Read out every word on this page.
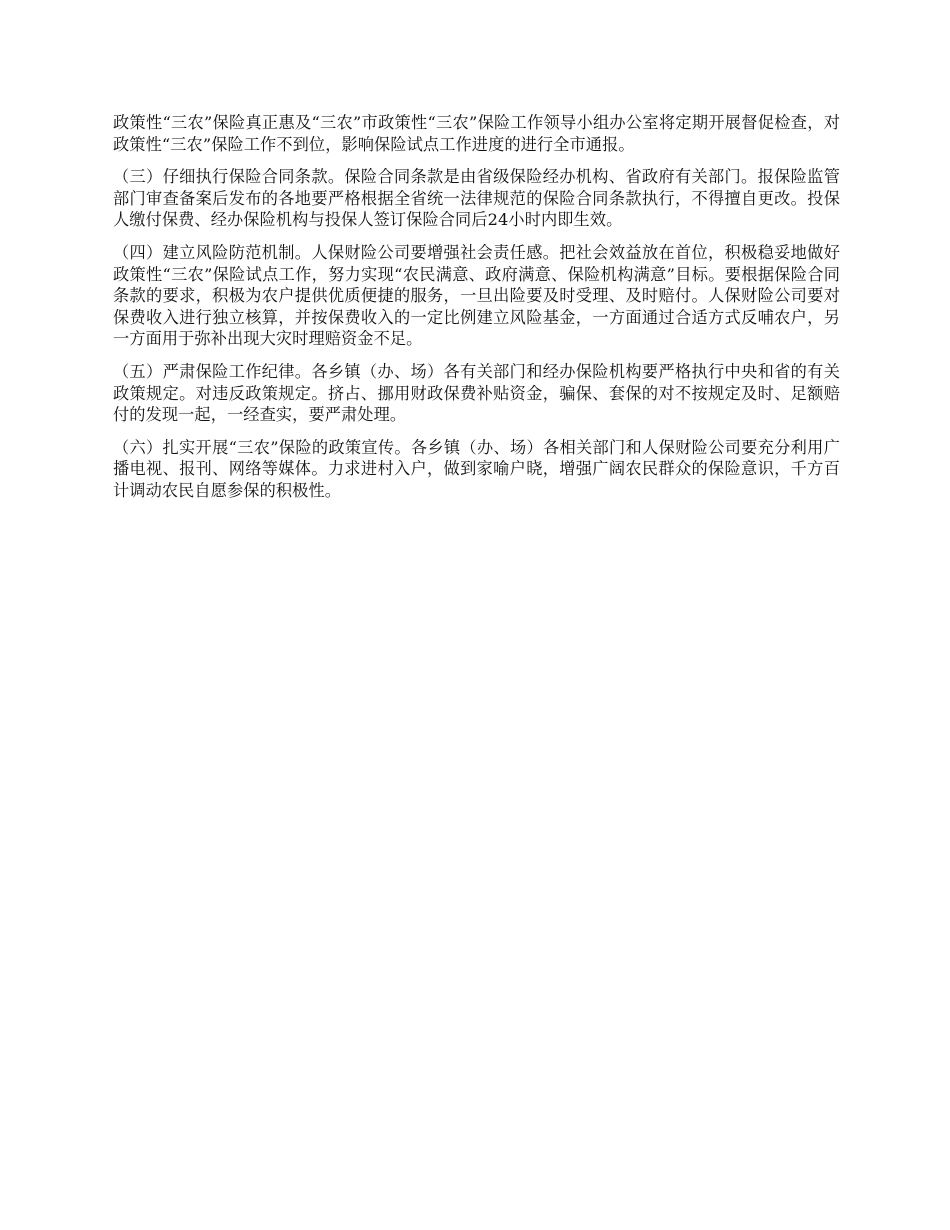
政策性“三农”保险真正惠及“三农”市政策性“三农”保险工作领导小组办公室将定期开展督促检查，对政策性“三农”保险工作不到位，影响保险试点工作进度的进行全市通报。

（三）仔细执行保险合同条款。保险合同条款是由省级保险经办机构、省政府有关部门。报保险监管部门审查备案后发布的各地要严格根据全省统一法律规范的保险合同条款执行，不得擅自更改。投保人缴付保费、经办保险机构与投保人签订保险合同后24小时内即生效。

（四）建立风险防范机制。人保财险公司要增强社会责任感。把社会效益放在首位，积极稳妥地做好政策性“三农”保险试点工作，努力实现“农民满意、政府满意、保险机构满意”目标。要根据保险合同条款的要求，积极为农户提供优质便捷的服务，一旦出险要及时受理、及时赔付。人保财险公司要对保费收入进行独立核算，并按保费收入的一定比例建立风险基金，一方面通过合适方式反哺农户，另一方面用于弥补出现大灾时理赔资金不足。

（五）严肃保险工作纪律。各乡镇（办、场）各有关部门和经办保险机构要严格执行中央和省的有关政策规定。对违反政策规定。挤占、挪用财政保费补贴资金，骗保、套保的对不按规定及时、足额赔付的发现一起，一经查实，要严肃处理。

（六）扎实开展“三农”保险的政策宣传。各乡镇（办、场）各相关部门和人保财险公司要充分利用广播电视、报刊、网络等媒体。力求进村入户，做到家喻户晓，增强广阔农民群众的保险意识，千方百计调动农民自愿参保的积极性。
